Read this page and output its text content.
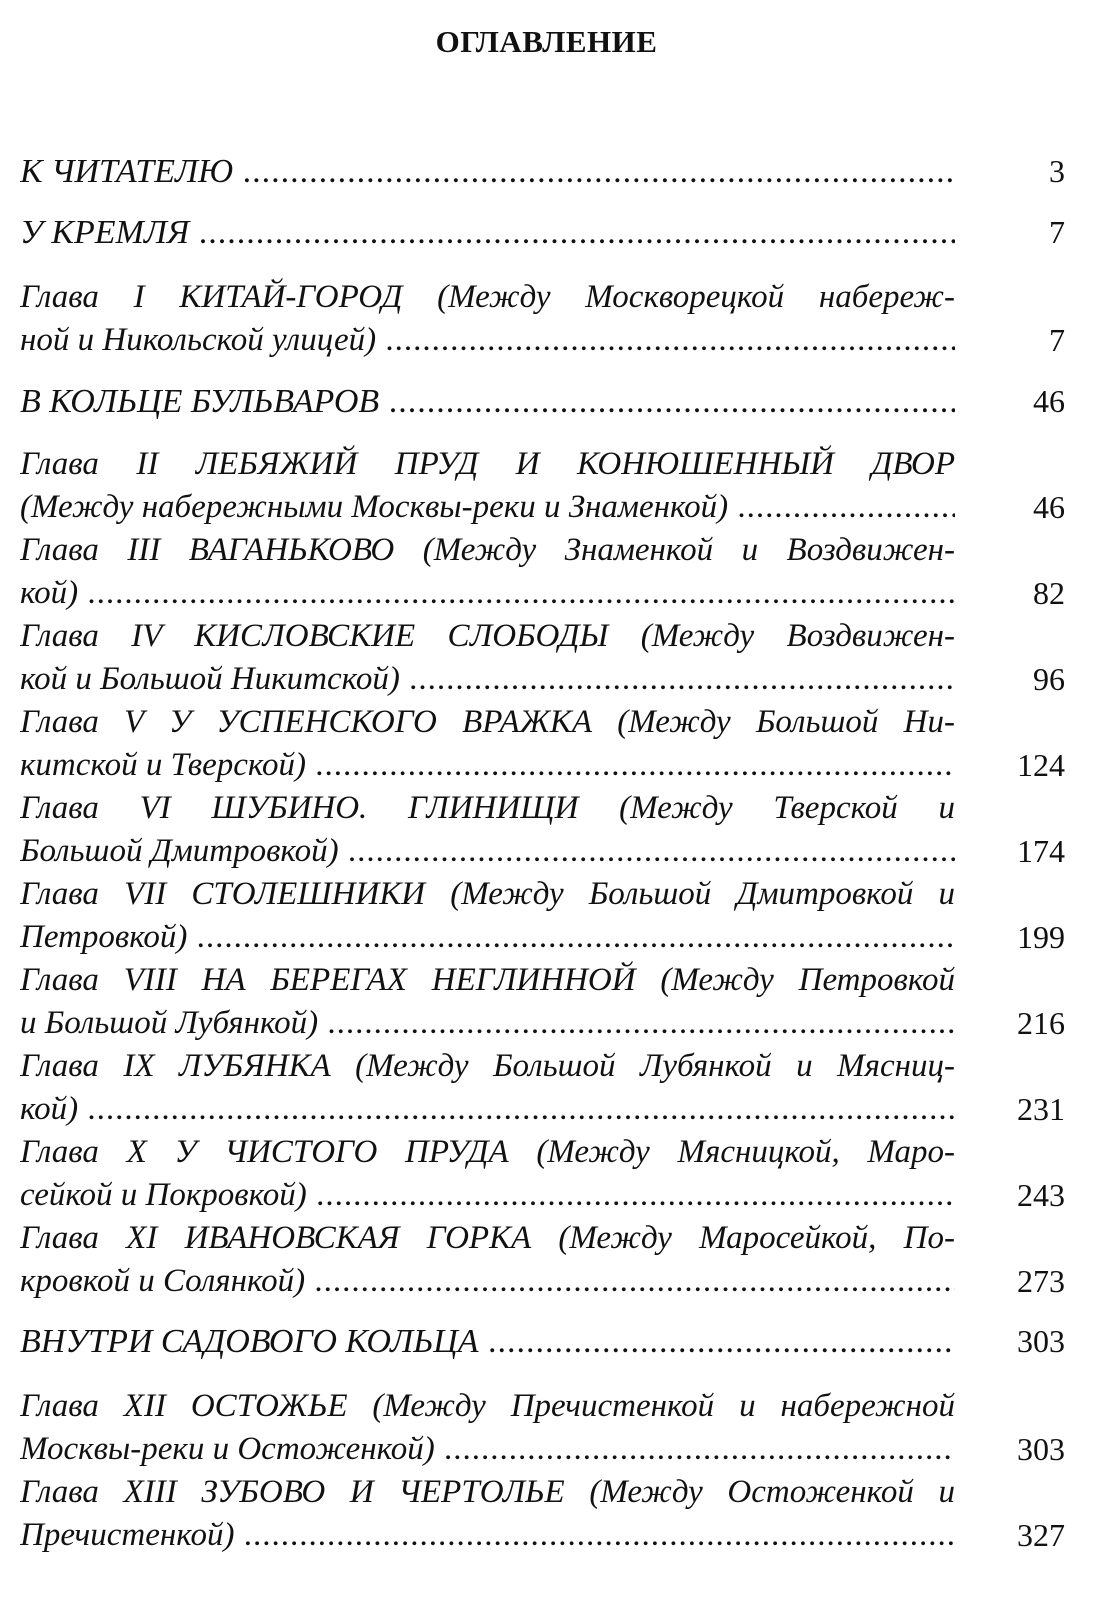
ОГЛАВЛЕНИЕ
К ЧИТАТЕЛЮ .....	3
У КРЕМЛЯ .....	7
Глава I КИТАЙ-ГОРОД (Между Москворецкой набереж-
ной и Никольской улицей) .....	7
В КОЛЬЦЕ БУЛЬВАРОВ .....	46
Глава II ЛЕБЯЖИЙ ПРУД И КОНЮШЕННЫЙ ДВОР
(Между набережными Москвы-реки и Знаменкой) .....	46
Глава III ВАГАНЬКОВО (Между Знаменкой и Воздвижен-
кой) .....	82
Глава IV КИСЛОВСКИЕ СЛОБОДЫ (Между Воздвижен-
кой и Большой Никитской) .....	96
Глава V У УСПЕНСКОГО ВРАЖКА (Между Большой Ни-
китской и Тверской) .....	124
Глава VI ШУБИНО. ГЛИНИЩИ (Между Тверской и
Большой Дмитровкой) .....	174
Глава VII СТОЛЕШНИКИ (Между Большой Дмитровкой и
Петровкой) .....	199
Глава VIII НА БЕРЕГАХ НЕГЛИННОЙ (Между Петровкой
и Большой Лубянкой) .....	216
Глава IX ЛУБЯНКА (Между Большой Лубянкой и Мясниц-
кой) .....	231
Глава X У ЧИСТОГО ПРУДА (Между Мясницкой, Маро-
сейкой и Покровкой) .....	243
Глава XI ИВАНОВСКАЯ ГОРКА (Между Маросейкой, По-
кровкой и Солянкой) .....	273
ВНУТРИ САДОВОГО КОЛЬЦА .....	303
Глава XII ОСТОЖЬЕ (Между Пречистенкой и набережной
Москвы-реки и Остоженкой) .....	303
Глава XIII ЗУБОВО И ЧЕРТОЛЬЕ (Между Остоженкой и
Пречистенкой) .....	327
